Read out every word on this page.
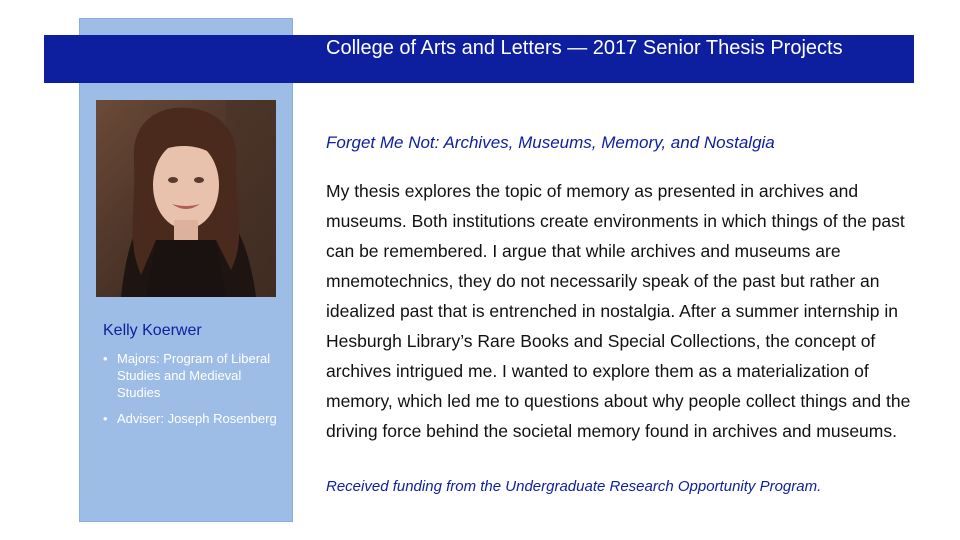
College of Arts and Letters — 2017 Senior Thesis Projects
Kelly Koerwer
• Majors: Program of Liberal Studies and Medieval Studies
• Adviser: Joseph Rosenberg
Forget Me Not: Archives, Museums, Memory, and Nostalgia
My thesis explores the topic of memory as presented in archives and museums. Both institutions create environments in which things of the past can be remembered. I argue that while archives and museums are mnemotechnics, they do not necessarily speak of the past but rather an idealized past that is entrenched in nostalgia. After a summer internship in Hesburgh Library’s Rare Books and Special Collections, the concept of archives intrigued me. I wanted to explore them as a materialization of memory, which led me to questions about why people collect things and the driving force behind the societal memory found in archives and museums.
Received funding from the Undergraduate Research Opportunity Program.
